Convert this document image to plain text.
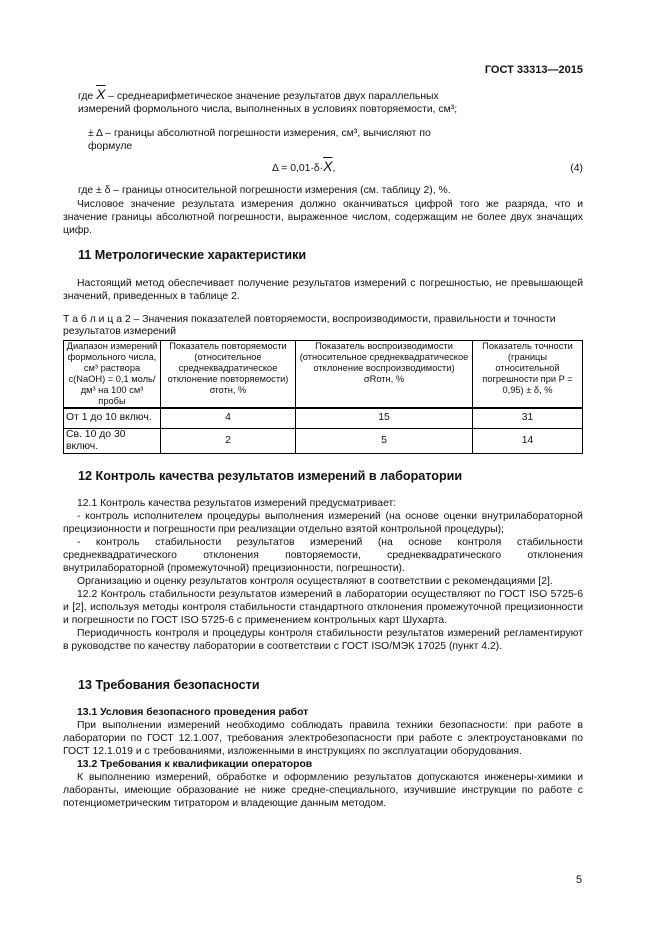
ГОСТ 33313—2015
где $\overline{X}$ – среднеарифметическое значение результатов двух параллельных измерений формольного числа, выполненных в условиях повторяемости, см³;
± Δ – границы абсолютной погрешности измерения, см³, вычисляют по формуле
$\Delta = 0,01\cdot\delta\cdot\overline{X}$,	(4)

где ± δ – границы относительной погрешности измерения (см. таблицу 2), %.

Числовое значение результата измерения должно оканчиваться цифрой того же разряда, что и значение границы абсолютной погрешности, выраженное числом, содержащим не более двух значащих цифр.

11 Метрологические характеристики

Настоящий метод обеспечивает получение результатов измерений с погрешностью, не превышающей значений, приведенных в таблице 2.

Т а б л и ц а 2 – Значения показателей повторяемости, воспроизводимости, правильности и точности результатов измерений

Диапазон измерений формольного числа, см³ раствора c(NaOH) = 0,1 моль/дм³ на 100 см³ пробы	Показатель повторяемости (относительное среднеквадратическое отклонение повторяемости) σrотн, %	Показатель воспроизводимости (относительное среднеквадратическое отклонение воспроизводимости) σRотн, %	Показатель точности (границы относительной погрешности при P = 0,95) ± δ, %
От 1 до 10 включ.	4	15	31
Св. 10 до 30 включ.	2	5	14
12 Контроль качества результатов измерений в лаборатории

12.1 Контроль качества результатов измерений предусматривает:

- контроль исполнителем процедуры выполнения измерений (на основе оценки внутрилабораторной прецизионности и погрешности при реализации отдельно взятой контрольной процедуры);

- контроль стабильности результатов измерений (на основе контроля стабильности среднеквадратического отклонения повторяемости, среднеквадратического отклонения внутрилабораторной (промежуточной) прецизионности, погрешности).

Организацию и оценку результатов контроля осуществляют в соответствии с рекомендациями [2].

12.2 Контроль стабильности результатов измерений в лаборатории осуществляют по ГОСТ ISO 5725-6 и [2], используя методы контроля стабильности стандартного отклонения промежуточной прецизионности и погрешности по ГОСТ ISO 5725-6 с применением контрольных карт Шухарта.

Периодичность контроля и процедуры контроля стабильности результатов измерений регламентируют в руководстве по качеству лаборатории в соответствии с ГОСТ ISO/МЭК 17025 (пункт 4.2).

13 Требования безопасности
13.1 Условия безопасного проведения работ

При выполнении измерений необходимо соблюдать правила техники безопасности: при работе в лаборатории по ГОСТ 12.1.007, требования электробезопасности при работе с электроустановками по ГОСТ 12.1.019 и с требованиями, изложенными в инструкциях по эксплуатации оборудования.

13.2 Требования к квалификации операторов

К выполнению измерений, обработке и оформлению результатов допускаются инженеры-химики и лаборанты, имеющие образование не ниже средне-специального, изучившие инструкции по работе с потенциометрическим титратором и владеющие данным методом.

5
